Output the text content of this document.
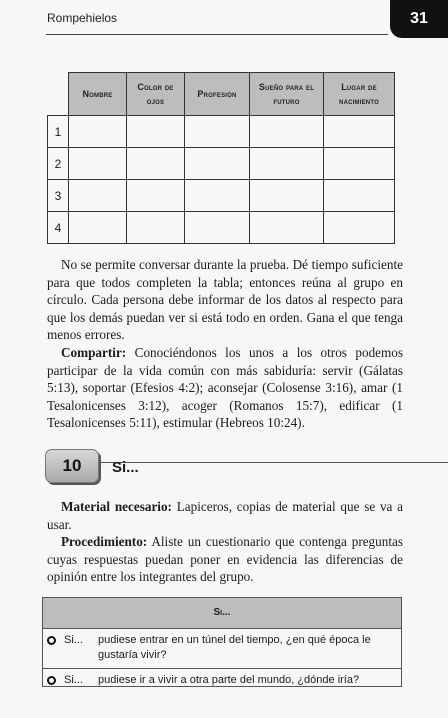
Rompehielos	31
	Nombre	Color de ojos	Profesión	Sueño para el futuro	Lugar de nacimiento
1					
2					
3					
4					

No se permite conversar durante la prueba. Dé tiempo suficiente para que todos completen la tabla; entonces reúna al grupo en círculo. Cada persona debe informar de los datos al respecto para que los demás puedan ver si está todo en orden. Gana el que tenga menos errores.

Compartir: Conociéndonos los unos a los otros podemos participar de la vida común con más sabiduría: servir (Gálatas 5:13), soportar (Efesios 4:2); aconsejar (Colosense 3:16), amar (1 Tesalonicenses 3:12), acoger (Romanos 15:7), edificar (1 Tesalonicenses 5:11), estimular (Hebreos 10:24).

10	Si...

Material necesario: Lapiceros, copias de material que se va a usar.

Procedimiento: Aliste un cuestionario que contenga preguntas cuyas respuestas puedan poner en evidencia las diferencias de opinión entre los integrantes del grupo.

Si...
Si...	pudiese entrar en un túnel del tiempo, ¿en qué época le gustaría vivir?
Si...	pudiese ir a vivir a otra parte del mundo, ¿dónde iría?
